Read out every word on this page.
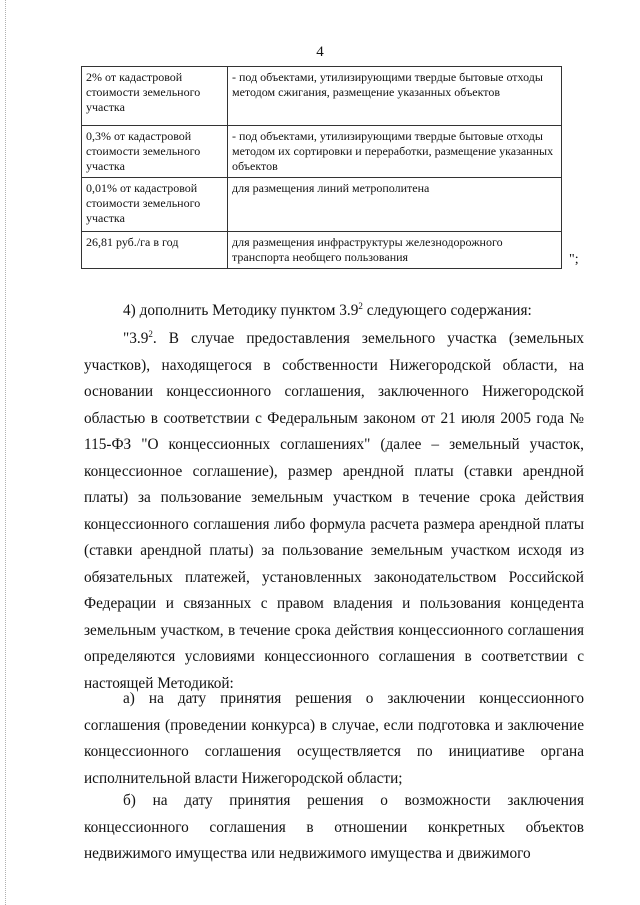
4
2% от кадастровой стоимости земельного участка	- под объектами, утилизирующими твердые бытовые отходы методом сжигания, размещение указанных объектов
0,3% от кадастровой стоимости земельного участка	- под объектами, утилизирующими твердые бытовые отходы методом их сортировки и переработки, размещение указанных объектов
0,01% от кадастровой стоимости земельного участка	для размещения линий метрополитена
26,81 руб./га в год	для размещения инфраструктуры железнодорожного транспорта необщего пользования	";

4) дополнить Методику пунктом $3.9^2$ следующего содержания:

"$3.9^2$. В случае предоставления земельного участка (земельных участков), находящегося в собственности Нижегородской области, на основании концессионного соглашения, заключенного Нижегородской областью в соответствии с Федеральным законом от 21 июля 2005 года № 115-ФЗ "О концессионных соглашениях" (далее – земельный участок, концессионное соглашение), размер арендной платы (ставки арендной платы) за пользование земельным участком в течение срока действия концессионного соглашения либо формула расчета размера арендной платы (ставки арендной платы) за пользование земельным участком исходя из обязательных платежей, установленных законодательством Российской Федерации и связанных с правом владения и пользования концедента земельным участком, в течение срока действия концессионного соглашения определяются условиями концессионного соглашения в соответствии с настоящей Методикой:

а) на дату принятия решения о заключении концессионного соглашения (проведении конкурса) в случае, если подготовка и заключение концессионного соглашения осуществляется по инициативе органа исполнительной власти Нижегородской области;

б) на дату принятия решения о возможности заключения концессионного соглашения в отношении конкретных объектов недвижимого имущества или недвижимого имущества и движимого
